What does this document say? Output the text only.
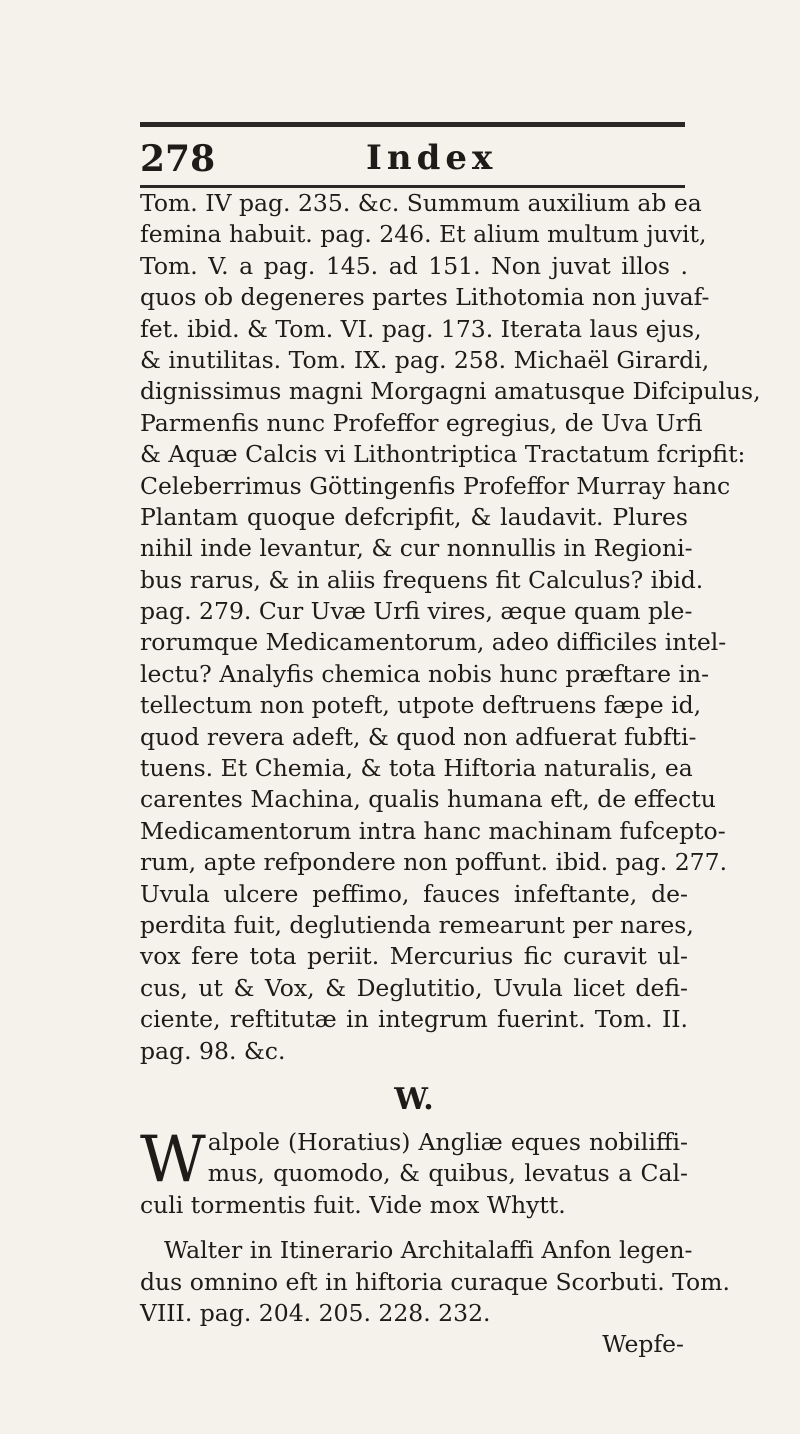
278	Index
Tom. IV pag. 235. &c. Summum auxilium ab ea
femina habuit. pag. 246. Et alium multum juvit,
Tom. V. a pag. 145. ad 151. Non juvat illos .
quos ob degeneres partes Lithotomia non juvaf-
fet. ibid. & Tom. VI. pag. 173. Iterata laus ejus,
& inutilitas. Tom. IX. pag. 258. Michaël Girardi,
dignissimus magni Morgagni amatusque Difcipulus,
Parmenfis nunc Profeffor egregius, de Uva Urfi
& Aquæ Calcis vi Lithontriptica Tractatum fcripfit:
Celeberrimus Göttingenfis Profeffor Murray hanc
Plantam quoque defcripfit, & laudavit. Plures
nihil inde levantur, & cur nonnullis in Regioni-
bus rarus, & in aliis frequens fit Calculus? ibid.
pag. 279. Cur Uvæ Urfi vires, æque quam ple-
rorumque Medicamentorum, adeo difficiles intel-
lectu? Analyfis chemica nobis hunc præftare in-
tellectum non poteft, utpote deftruens fæpe id,
quod revera adeft, & quod non adfuerat fubfti-
tuens. Et Chemia, & tota Hiftoria naturalis, ea
carentes Machina, qualis humana eft, de effectu
Medicamentorum intra hanc machinam fufcepto-
rum, apte refpondere non poffunt. ibid. pag. 277.
Uvula ulcere peffimo, fauces infeftante, de-
perdita fuit, deglutienda remearunt per nares,
vox fere tota periit. Mercurius fic curavit ul-
cus, ut & Vox, & Deglutitio, Uvula licet defi-
ciente, reftitutæ in integrum fuerint. Tom. II.
pag. 98. &c.
W.
W alpole (Horatius) Angliæ eques nobiliffi-
mus, quomodo, & quibus, levatus a Cal-
culi tormentis fuit. Vide mox Whytt.
Walter in Itinerario Architalaffi Anfon legen-
dus omnino eft in hiftoria curaque Scorbuti. Tom.
VIII. pag. 204. 205. 228. 232.
Wepfe-
